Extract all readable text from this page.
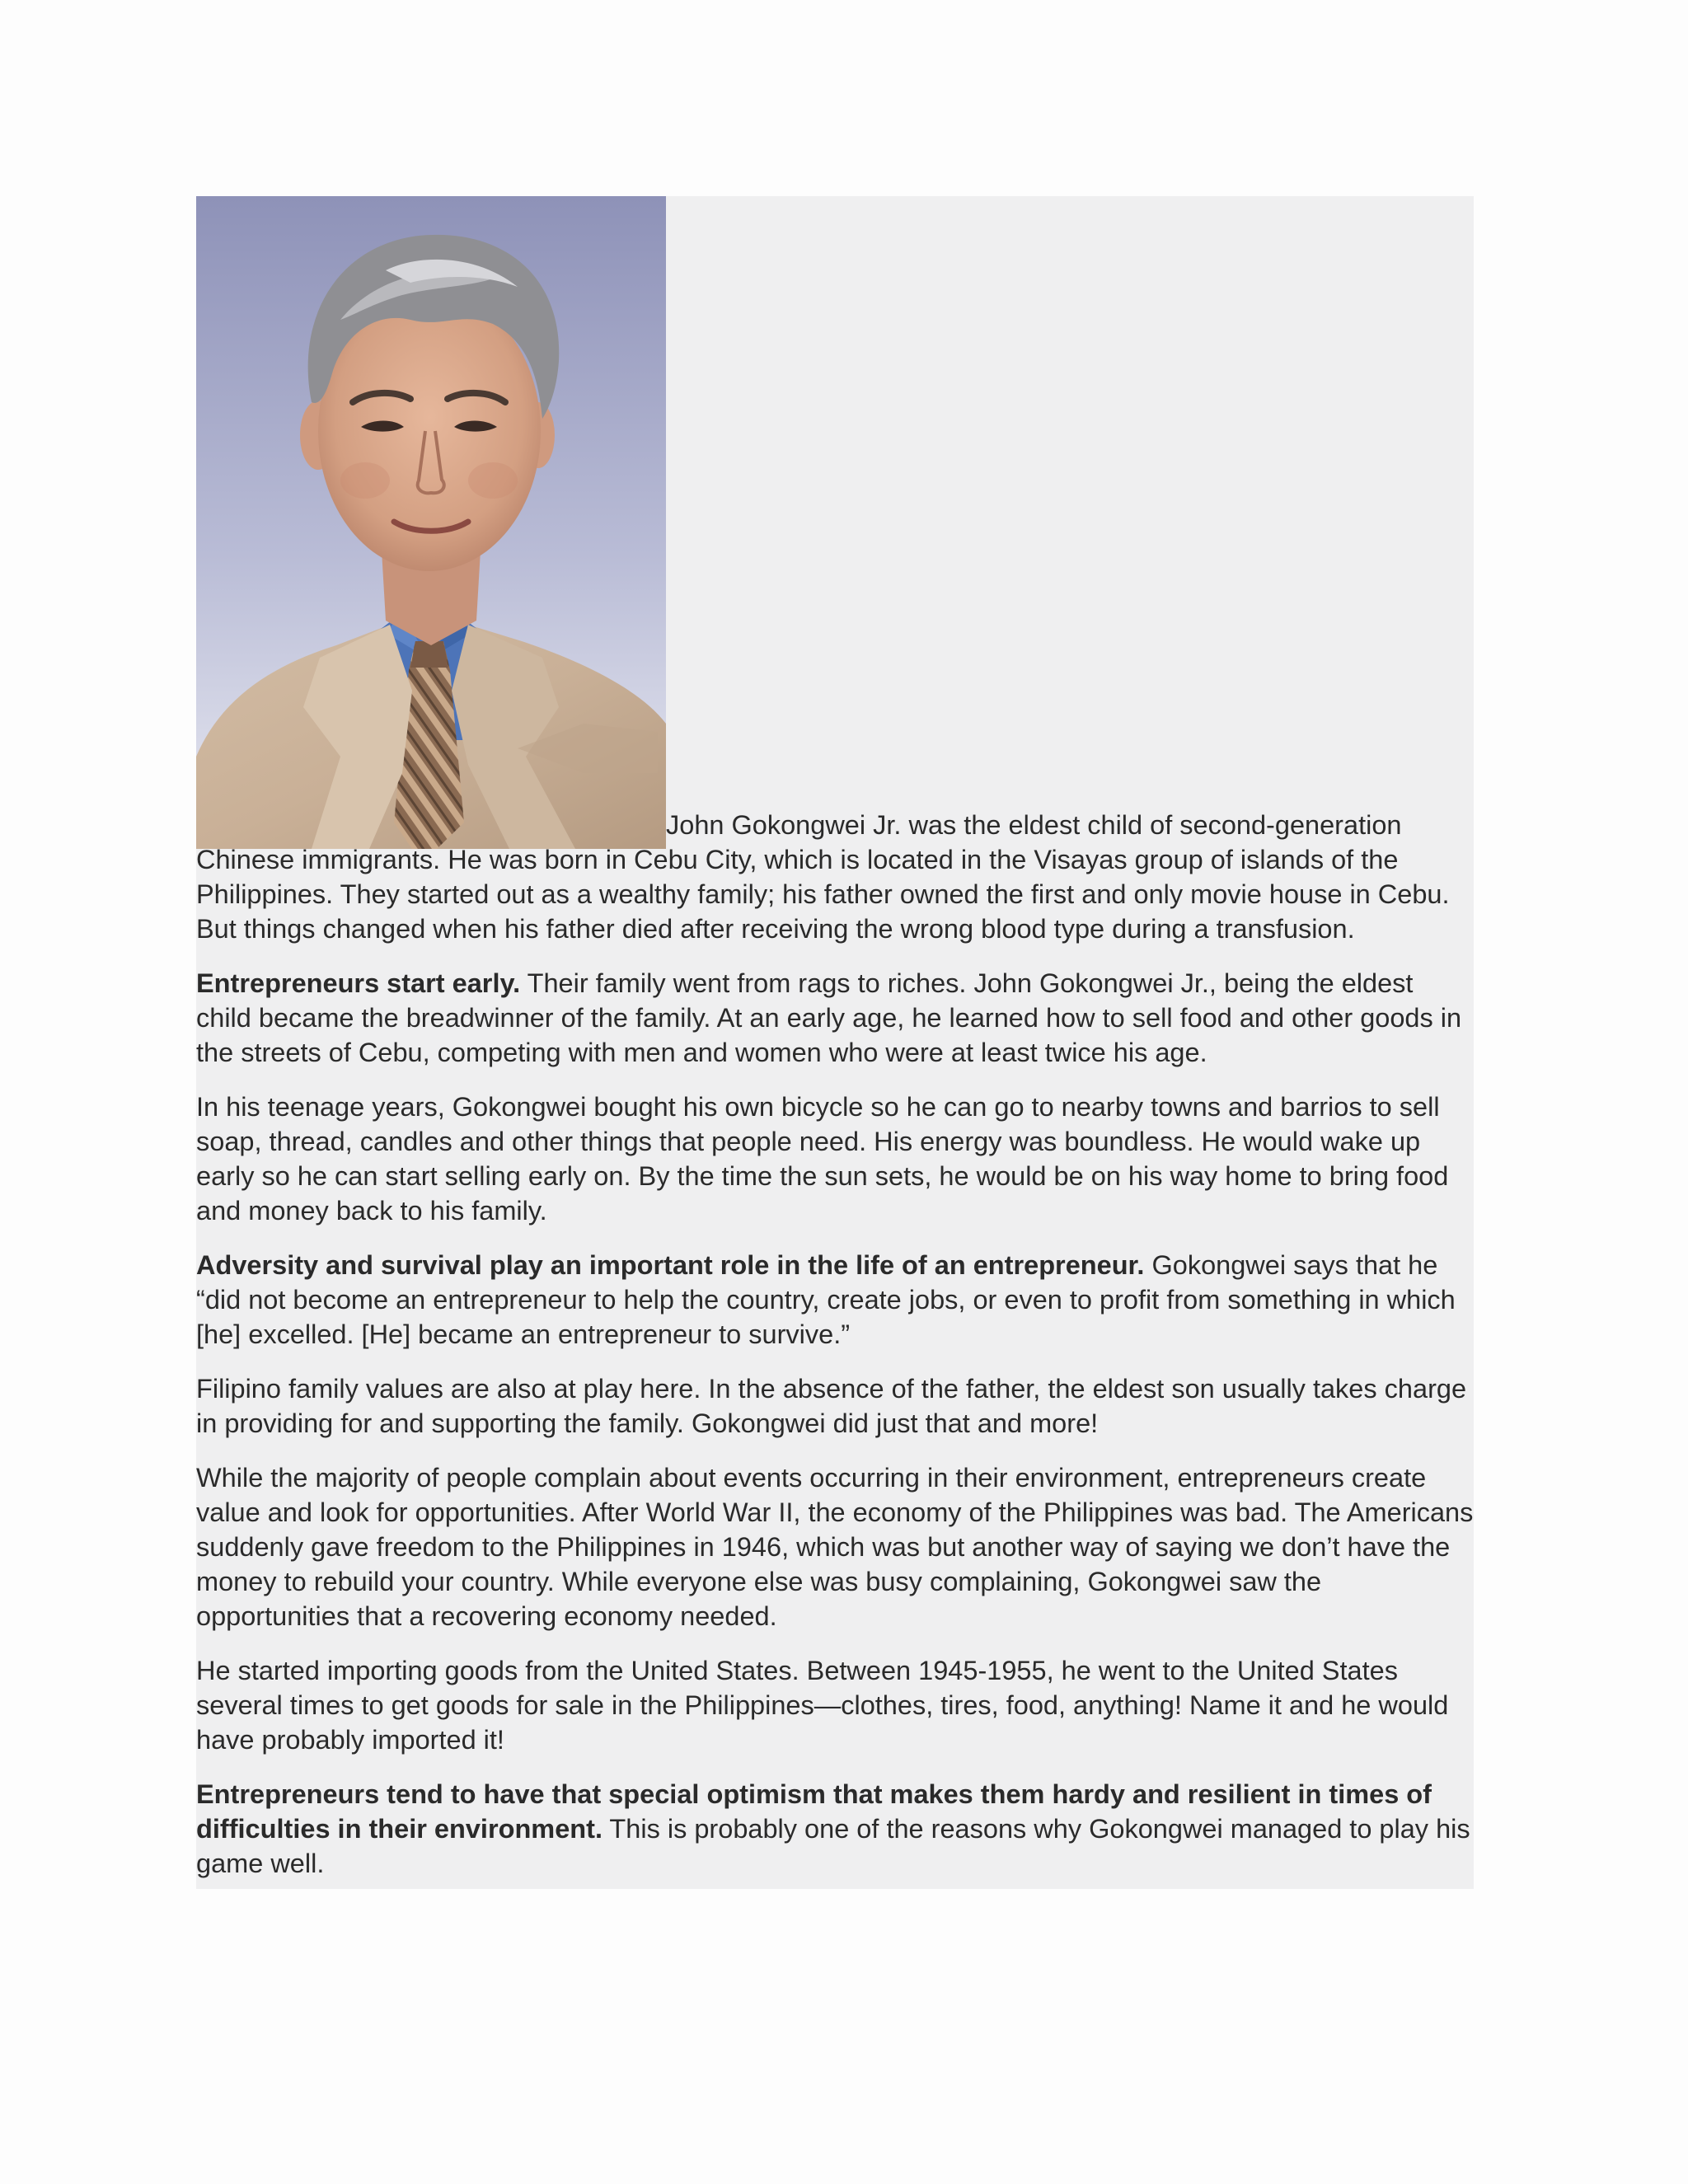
John Gokongwei Jr. was the eldest child of second-generation Chinese immigrants. He was born in Cebu City, which is located in the Visayas group of islands of the Philippines. They started out as a wealthy family; his father owned the first and only movie house in Cebu. But things changed when his father died after receiving the wrong blood type during a transfusion.

Entrepreneurs start early. Their family went from rags to riches. John Gokongwei Jr., being the eldest child became the breadwinner of the family. At an early age, he learned how to sell food and other goods in the streets of Cebu, competing with men and women who were at least twice his age.

In his teenage years, Gokongwei bought his own bicycle so he can go to nearby towns and barrios to sell soap, thread, candles and other things that people need. His energy was boundless. He would wake up early so he can start selling early on. By the time the sun sets, he would be on his way home to bring food and money back to his family.

Adversity and survival play an important role in the life of an entrepreneur. Gokongwei says that he “did not become an entrepreneur to help the country, create jobs, or even to profit from something in which [he] excelled. [He] became an entrepreneur to survive.”

Filipino family values are also at play here. In the absence of the father, the eldest son usually takes charge in providing for and supporting the family. Gokongwei did just that and more!

While the majority of people complain about events occurring in their environment, entrepreneurs create value and look for opportunities. After World War II, the economy of the Philippines was bad. The Americans suddenly gave freedom to the Philippines in 1946, which was but another way of saying we don’t have the money to rebuild your country. While everyone else was busy complaining, Gokongwei saw the opportunities that a recovering economy needed.

He started importing goods from the United States. Between 1945-1955, he went to the United States several times to get goods for sale in the Philippines—clothes, tires, food, anything! Name it and he would have probably imported it!

Entrepreneurs tend to have that special optimism that makes them hardy and resilient in times of difficulties in their environment. This is probably one of the reasons why Gokongwei managed to play his game well.
